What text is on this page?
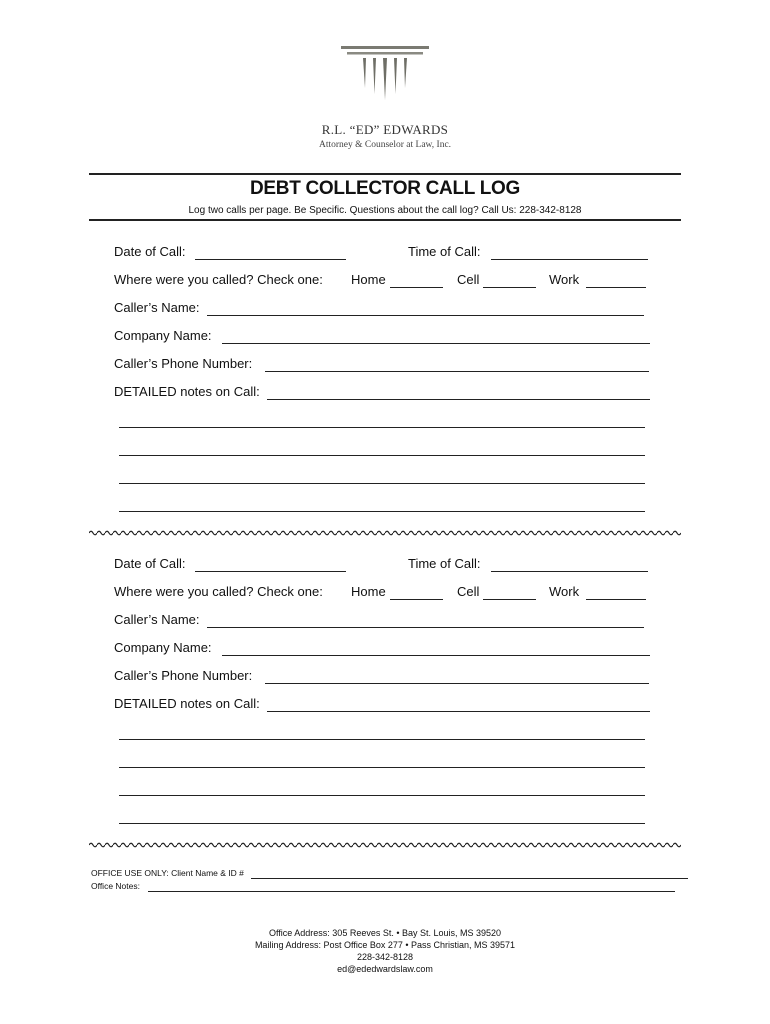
R.L. “ED” EDWARDS
Attorney & Counselor at Law, Inc.
DEBT COLLECTOR CALL LOG
Log two calls per page. Be Specific. Questions about the call log? Call Us: 228-342-8128
Date of Call:	Time of Call:
Where were you called? Check one: Home	Cell	Work
Caller’s Name:
Company Name:
Caller’s Phone Number:
DETAILED notes on Call:
Date of Call:	Time of Call:
Where were you called? Check one: Home	Cell	Work
Caller’s Name:
Company Name:
Caller’s Phone Number:
DETAILED notes on Call:
OFFICE USE ONLY: Client Name & ID #
Office Notes:
Office Address: 305 Reeves St. • Bay St. Louis, MS 39520
Mailing Address: Post Office Box 277 • Pass Christian, MS 39571
228-342-8128
ed@ededwardslaw.com
